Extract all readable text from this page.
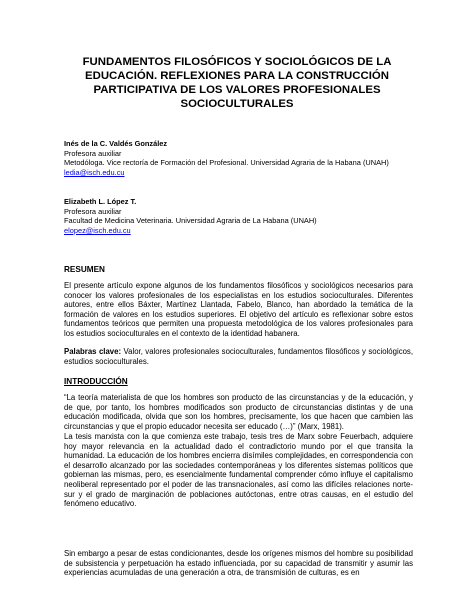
FUNDAMENTOS FILOSÓFICOS Y SOCIOLÓGICOS DE LA EDUCACIÓN. REFLEXIONES PARA LA CONSTRUCCIÓN PARTICIPATIVA DE LOS VALORES PROFESIONALES SOCIOCULTURALES
Inés de la C. Valdés González
Profesora auxiliar
Metodóloga. Vice rectoría de Formación del Profesional. Universidad Agraria de la Habana (UNAH)
ledia@isch.edu.cu
Elizabeth L. López T.
Profesora auxiliar
Facultad de Medicina Veterinaria. Universidad Agraria de La Habana (UNAH)
elopez@isch.edu.cu
RESUMEN
El presente artículo expone algunos de los fundamentos filosóficos y sociológicos necesarios para conocer los valores profesionales de los especialistas en los estudios socioculturales. Diferentes autores, entre ellos Báxter, Martínez Llantada, Fabelo, Blanco, han abordado la temática de la formación de valores en los estudios superiores. El objetivo del artículo es reflexionar sobre estos fundamentos teóricos que permiten una propuesta metodológica de los valores profesionales para los estudios socioculturales en el contexto de la identidad habanera.
Palabras clave: Valor, valores profesionales socioculturales, fundamentos filosóficos y sociológicos, estudios socioculturales.
INTRODUCCIÓN
“La teoría materialista de que los hombres son producto de las circunstancias y de la educación, y de que, por tanto, los hombres modificados son producto de circunstancias distintas y de una educación modificada, olvida que son los hombres, precisamente, los que hacen que cambien las circunstancias y que el propio educador necesita ser educado (…)” (Marx, 1981).
La tesis marxista con la que comienza este trabajo, tesis tres de Marx sobre Feuerbach, adquiere hoy mayor relevancia en la actualidad dado el contradictorio mundo por el que transita la humanidad. La educación de los hombres encierra disímiles complejidades, en correspondencia con el desarrollo alcanzado por las sociedades contemporáneas y los diferentes sistemas políticos que gobiernan las mismas, pero, es esencialmente fundamental comprender cómo influye el capitalismo neoliberal representado por el poder de las transnacionales, así como las difíciles relaciones norte-sur y el grado de marginación de poblaciones autóctonas, entre otras causas, en el estudio del fenómeno educativo.
Sin embargo a pesar de estas condicionantes, desde los orígenes mismos del hombre su posibilidad de subsistencia y perpetuación ha estado influenciada, por su capacidad de transmitir y asumir las experiencias acumuladas de una generación a otra, de transmisión de culturas, es en
